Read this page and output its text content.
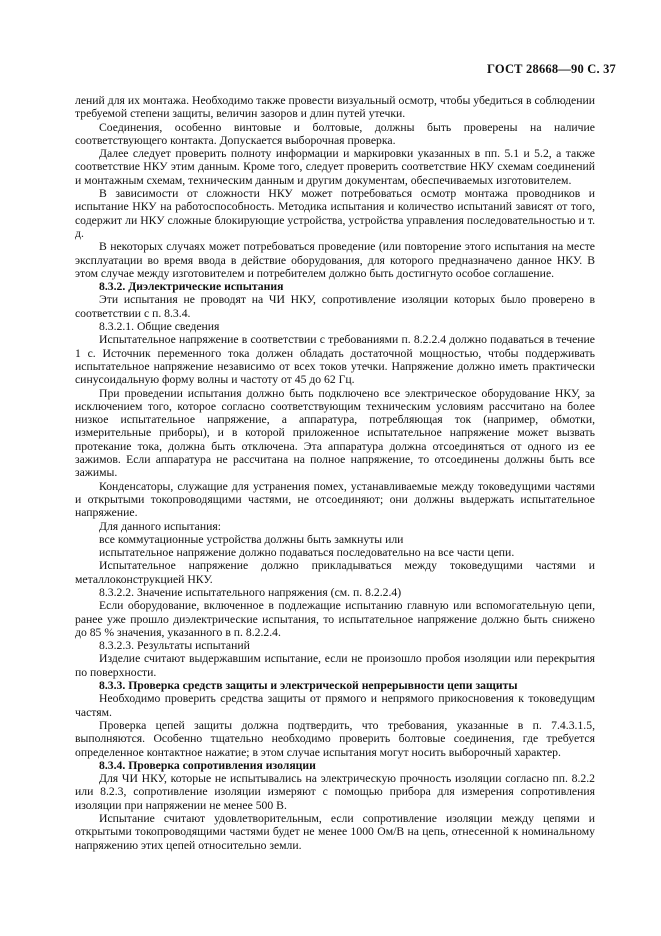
ГОСТ 28668—90 С. 37

лений для их монтажа. Необходимо также провести визуальный осмотр, чтобы убедиться в соблюдении требуемой степени защиты, величин зазоров и длин путей утечки.

Соединения, особенно винтовые и болтовые, должны быть проверены на наличие соответствующего контакта. Допускается выборочная проверка.

Далее следует проверить полноту информации и маркировки указанных в пп. 5.1 и 5.2, а также соответствие НКУ этим данным. Кроме того, следует проверить соответствие НКУ схемам соединений и монтажным схемам, техническим данным и другим документам, обеспечиваемых изготовителем.

В зависимости от сложности НКУ может потребоваться осмотр монтажа проводников и испытание НКУ на работоспособность. Методика испытания и количество испытаний зависят от того, содержит ли НКУ сложные блокирующие устройства, устройства управления последовательностью и т. д.

В некоторых случаях может потребоваться проведение (или повторение этого испытания на месте эксплуатации во время ввода в действие оборудования, для которого предназначено данное НКУ. В этом случае между изготовителем и потребителем должно быть достигнуто особое соглашение.

8.3.2. Диэлектрические испытания

Эти испытания не проводят на ЧИ НКУ, сопротивление изоляции которых было проверено в соответствии с п. 8.3.4.

8.3.2.1. Общие сведения

Испытательное напряжение в соответствии с требованиями п. 8.2.2.4 должно подаваться в течение 1 с. Источник переменного тока должен обладать достаточной мощностью, чтобы поддерживать испытательное напряжение независимо от всех токов утечки. Напряжение должно иметь практически синусоидальную форму волны и частоту от 45 до 62 Гц.

При проведении испытания должно быть подключено все электрическое оборудование НКУ, за исключением того, которое согласно соответствующим техническим условиям рассчитано на более низкое испытательное напряжение, а аппаратура, потребляющая ток (например, обмотки, измерительные приборы), и в которой приложенное испытательное напряжение может вызвать протекание тока, должна быть отключена. Эта аппаратура должна отсоединяться от одного из ее зажимов. Если аппаратура не рассчитана на полное напряжение, то отсоединены должны быть все зажимы.

Конденсаторы, служащие для устранения помех, устанавливаемые между токоведущими частями и открытыми токопроводящими частями, не отсоединяют; они должны выдержать испытательное напряжение.

Для данного испытания:

все коммутационные устройства должны быть замкнуты или

испытательное напряжение должно подаваться последовательно на все части цепи.

Испытательное напряжение должно прикладываться между токоведущими частями и металлоконструкцией НКУ.

8.3.2.2. Значение испытательного напряжения (см. п. 8.2.2.4)

Если оборудование, включенное в подлежащие испытанию главную или вспомогательную цепи, ранее уже прошло диэлектрические испытания, то испытательное напряжение должно быть снижено до 85 % значения, указанного в п. 8.2.2.4.

8.3.2.3. Результаты испытаний

Изделие считают выдержавшим испытание, если не произошло пробоя изоляции или перекрытия по поверхности.

8.3.3. Проверка средств защиты и электрической непрерывности цепи защиты

Необходимо проверить средства защиты от прямого и непрямого прикосновения к токоведущим частям.

Проверка цепей защиты должна подтвердить, что требования, указанные в п. 7.4.3.1.5, выполняются. Особенно тщательно необходимо проверить болтовые соединения, где требуется определенное контактное нажатие; в этом случае испытания могут носить выборочный характер.

8.3.4. Проверка сопротивления изоляции

Для ЧИ НКУ, которые не испытывались на электрическую прочность изоляции согласно пп. 8.2.2 или 8.2.3, сопротивление изоляции измеряют с помощью прибора для измерения сопротивления изоляции при напряжении не менее 500 В.

Испытание считают удовлетворительным, если сопротивление изоляции между цепями и открытыми токопроводящими частями будет не менее 1000 Ом/В на цепь, отнесенной к номинальному напряжению этих цепей относительно земли.
